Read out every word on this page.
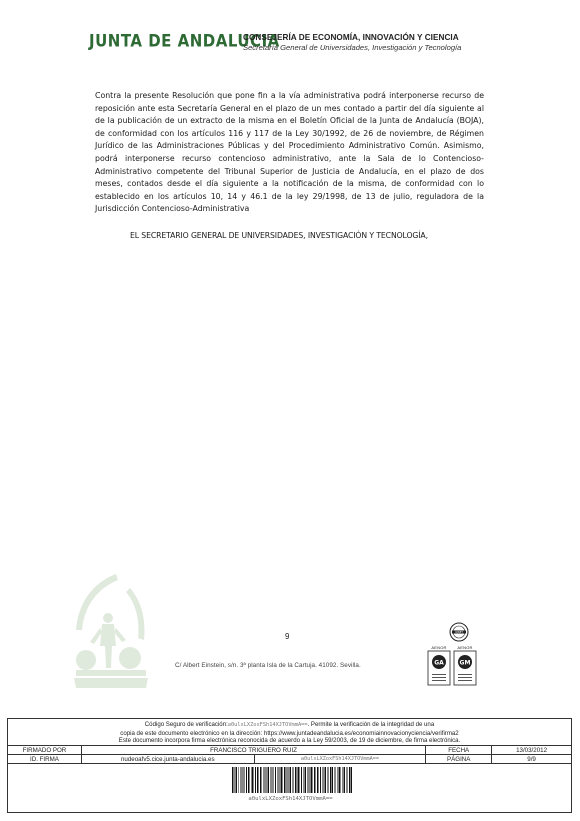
JUNTA DE ANDALUCIA
CONSEJERÍA DE ECONOMÍA, INNOVACIÓN Y CIENCIA
Secretaría General de Universidades, Investigación y Tecnología

Contra la presente Resolución que pone fin a la vía administrativa podrá interponerse recurso de reposición ante esta Secretaría General en el plazo de un mes contado a partir del día siguiente al de la publicación de un extracto de la misma en el Boletín Oficial de la Junta de Andalucía (BOJA), de conformidad con los artículos 116 y 117 de la Ley 30/1992, de 26 de noviembre, de Régimen Jurídico de las Administraciones Públicas y del Procedimiento Administrativo Común. Asimismo, podrá interponerse recurso contencioso administrativo, ante la Sala de lo Contencioso-Administrativo competente del Tribunal Superior de Justicia de Andalucía, en el plazo de dos meses, contados desde el día siguiente a la notificación de la misma, de conformidad con lo establecido en los artículos 10, 14 y 46.1 de la ley 29/1998, de 13 de julio, reguladora de la Jurisdicción Contencioso-Administrativa

EL SECRETARIO GENERAL DE UNIVERSIDADES, INVESTIGACIÓN Y TECNOLOGÍA,
9
C/ Albert Einstein, s/n. 3ª planta Isla de la Cartuja. 41092. Sevilla.
IQNET
AENOR
GA
AENOR
GM
Código Seguro de verificación:a0ulxLXZoxFSh14XJTOVmmA==. Permite la verificación de la integridad de una
copia de este documento electrónico en la dirección: https://www.juntadeandalucia.es/economiainnovacionyciencia/verifirma2
Este documento incorpora firma electrónica reconocida de acuerdo a la Ley 59/2003, de 19 de diciembre, de firma electrónica.
FIRMADO POR	FRANCISCO TRIGUERO RUIZ		FECHA	13/03/2012
ID. FIRMA	nudeoafv5.cice.junta-andalucia.es	a0ulxLXZoxFSh14XJTOVmmA==	PÁGINA	9/9
a0ulxLXZoxFSh14XJTOVmmA==
